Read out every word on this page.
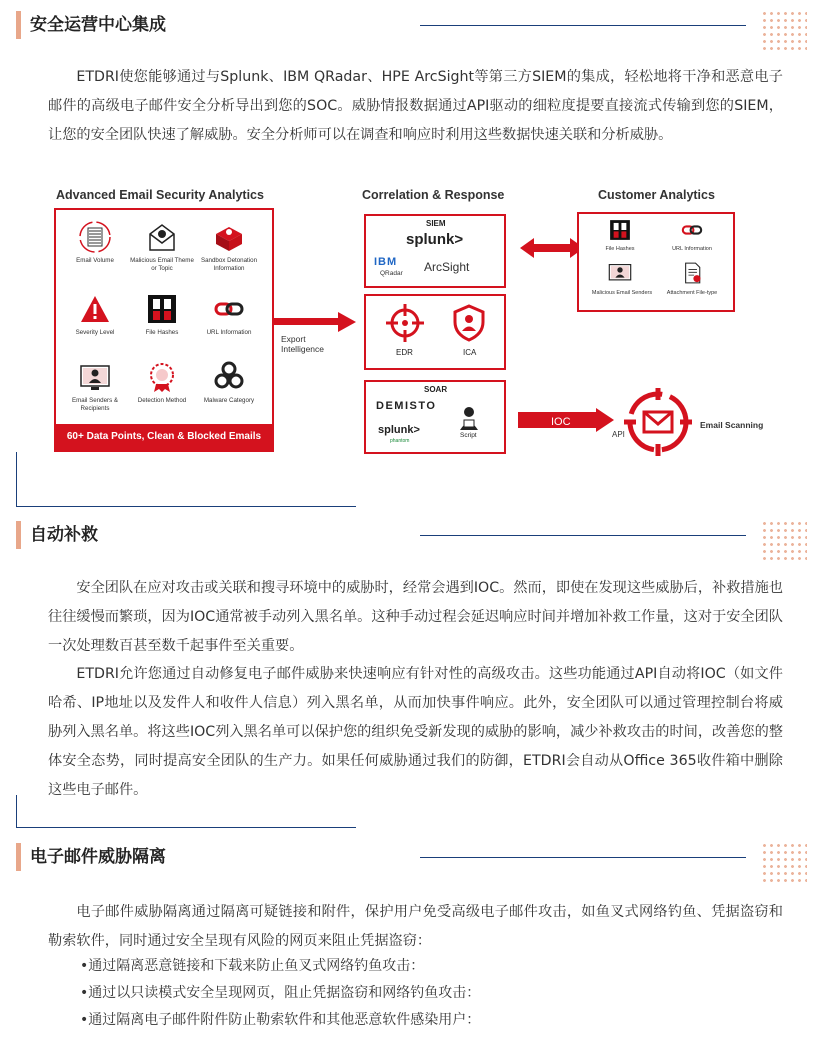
安全运营中心集成

ETDRI使您能够通过与Splunk、IBM QRadar、HPE ArcSight等第三方SIEM的集成，轻松地将干净和恶意电子邮件的高级电子邮件安全分析导出到您的SOC。威胁情报数据通过API驱动的细粒度提要直接流式传输到您的SIEM，让您的安全团队快速了解威胁。安全分析师可以在调查和响应时利用这些数据快速关联和分析威胁。

Advanced Email Security Analytics	Correlation & Response	Customer Analytics
Email Volume	Malicious Email Theme or Topic
Sandbox Detonation Information
Severity Level	File Hashes	URL Information
Email Senders & Recipients
Detection Method	Malware Category
60+ Data Points, Clean & Blocked Emails
Export Intelligence
SIEM
splunk>
IBM
QRadar ArcSight
EDR	ICA
SOAR
DEMISTO
splunk>
phantom
Script
File Hashes	URL Information
Malicious Email Senders	Attachment File-type
IOC
API
Email Scanning
自动补救

安全团队在应对攻击或关联和搜寻环境中的威胁时，经常会遇到IOC。然而，即使在发现这些威胁后，补救措施也往往缓慢而繁琐，因为IOC通常被手动列入黑名单。这种手动过程会延迟响应时间并增加补救工作量，这对于安全团队一次处理数百甚至数千起事件至关重要。

ETDRI允许您通过自动修复电子邮件威胁来快速响应有针对性的高级攻击。这些功能通过API自动将IOC（如文件哈希、IP地址以及发件人和收件人信息）列入黑名单，从而加快事件响应。此外，安全团队可以通过管理控制台将威胁列入黑名单。将这些IOC列入黑名单可以保护您的组织免受新发现的威胁的影响，减少补救攻击的时间，改善您的整体安全态势，同时提高安全团队的生产力。如果任何威胁通过我们的防御，ETDRI会自动从Office 365收件箱中删除这些电子邮件。

电子邮件威胁隔离

电子邮件威胁隔离通过隔离可疑链接和附件，保护用户免受高级电子邮件攻击，如鱼叉式网络钓鱼、凭据盗窃和勒索软件，同时通过安全呈现有风险的网页来阻止凭据盗窃：

•通过隔离恶意链接和下载来防止鱼叉式网络钓鱼攻击：

•通过以只读模式安全呈现网页，阻止凭据盗窃和网络钓鱼攻击：

•通过隔离电子邮件附件防止勒索软件和其他恶意软件感染用户：
